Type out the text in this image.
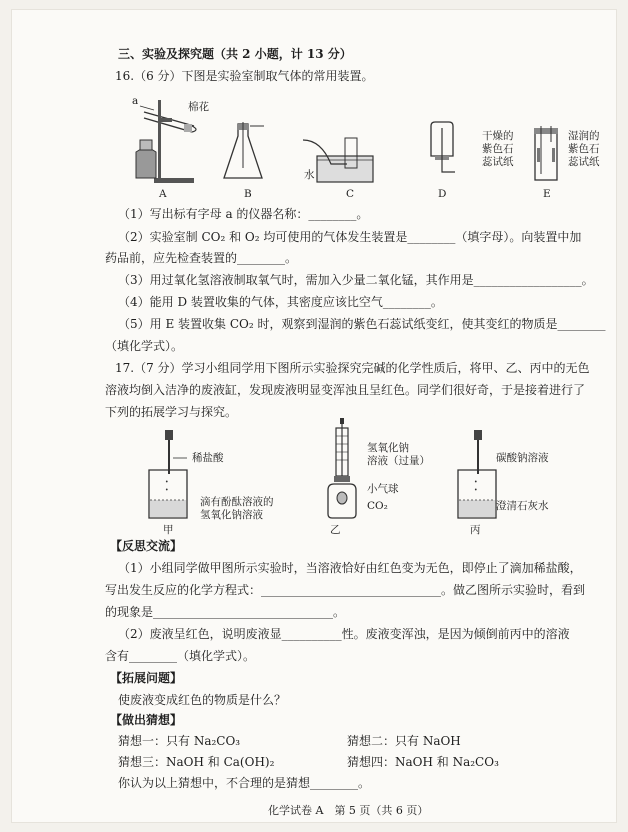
三、实验及探究题（共 2 小题，计 13 分）
16.（6 分）下图是实验室制取气体的常用装置。
a	棉花
水
干燥的
紫色石
蕊试纸
湿润的
紫色石
蕊试纸
A	B	C	D	E
（1）写出标有字母 a 的仪器名称：________。
（2）实验室制 CO₂ 和 O₂ 均可使用的气体发生装置是________（填字母）。向装置中加
药品前，应先检查装置的________。
（3）用过氧化氢溶液制取氧气时，需加入少量二氧化锰，其作用是__________________。
（4）能用 D 装置收集的气体，其密度应该比空气________。
（5）用 E 装置收集 CO₂ 时，观察到湿润的紫色石蕊试纸变红，使其变红的物质是________
（填化学式）。
17.（7 分）学习小组同学用下图所示实验探究完碱的化学性质后，将甲、乙、丙中的无色
溶液均倒入洁净的废液缸，发现废液明显变浑浊且呈红色。同学们很好奇，于是接着进行了
下列的拓展学习与探究。
•
•
稀盐酸
滴有酚酞溶液的
氢氧化钠溶液
甲
氢氧化钠
溶液（过量）
小气球
CO₂
乙
•
•
碳酸钠溶液
澄清石灰水
丙
【反思交流】
（1）小组同学做甲图所示实验时，当溶液恰好由红色变为无色，即停止了滴加稀盐酸，
写出发生反应的化学方程式：______________________________。做乙图所示实验时，看到
的现象是______________________________。
（2）废液呈红色，说明废液显__________性。废液变浑浊，是因为倾倒前丙中的溶液
含有________（填化学式）。
【拓展问题】
使废液变成红色的物质是什么？
【做出猜想】
猜想一：只有 Na₂CO₃	猜想二：只有 NaOH
猜想三：NaOH 和 Ca(OH)₂	猜想四：NaOH 和 Na₂CO₃
你认为以上猜想中，不合理的是猜想________。
化学试卷 A　第 5 页（共 6 页）
